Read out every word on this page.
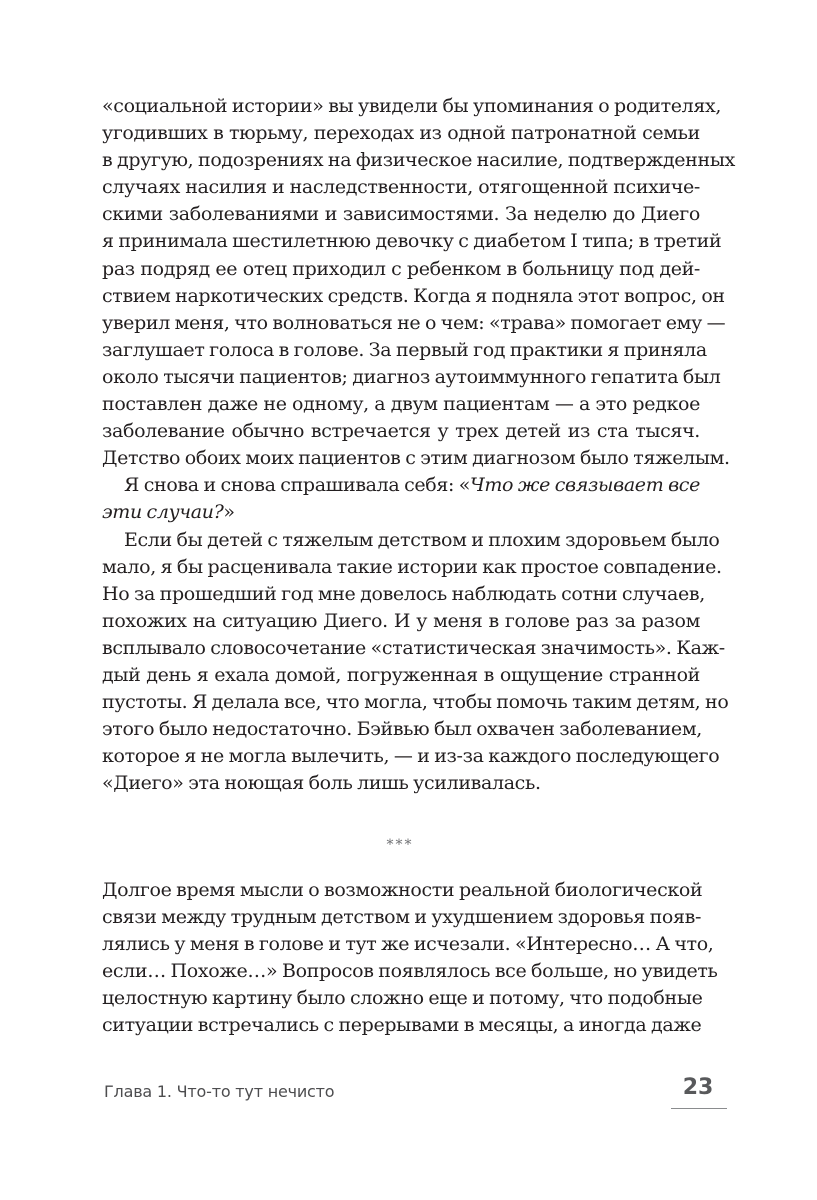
«социальной истории» вы увидели бы упоминания о родителях,
угодивших в тюрьму, переходах из одной патронатной семьи
в другую, подозрениях на физическое насилие, подтвержденных
случаях насилия и наследственности, отягощенной психиче-
скими заболеваниями и зависимостями. За неделю до Диего
я принимала шестилетнюю девочку с диабетом I типа; в третий
раз подряд ее отец приходил с ребенком в больницу под дей-
ствием наркотических средств. Когда я подняла этот вопрос, он
уверил меня, что волноваться не о чем: «трава» помогает ему —
заглушает голоса в голове. За первый год практики я приняла
около тысячи пациентов; диагноз аутоиммунного гепатита был
поставлен даже не одному, а двум пациентам — а это редкое
заболевание обычно встречается у трех детей из ста тысяч.
Детство обоих моих пациентов с этим диагнозом было тяжелым.
Я снова и снова спрашивала себя: «Что же связывает все
эти случаи?»
Если бы детей с тяжелым детством и плохим здоровьем было
мало, я бы расценивала такие истории как простое совпадение.
Но за прошедший год мне довелось наблюдать сотни случаев,
похожих на ситуацию Диего. И у меня в голове раз за разом
всплывало словосочетание «статистическая значимость». Каж-
дый день я ехала домой, погруженная в ощущение странной
пустоты. Я делала все, что могла, чтобы помочь таким детям, но
этого было недостаточно. Бэйвью был охвачен заболеванием,
которое я не могла вылечить, — и из-за каждого последующего
«Диего» эта ноющая боль лишь усиливалась.
***
Долгое время мысли о возможности реальной биологической
связи между трудным детством и ухудшением здоровья появ-
лялись у меня в голове и тут же исчезали. «Интересно… А что,
если… Похоже…» Вопросов появлялось все больше, но увидеть
целостную картину было сложно еще и потому, что подобные
ситуации встречались с перерывами в месяцы, а иногда даже
Глава 1. Что-то тут нечисто	23
